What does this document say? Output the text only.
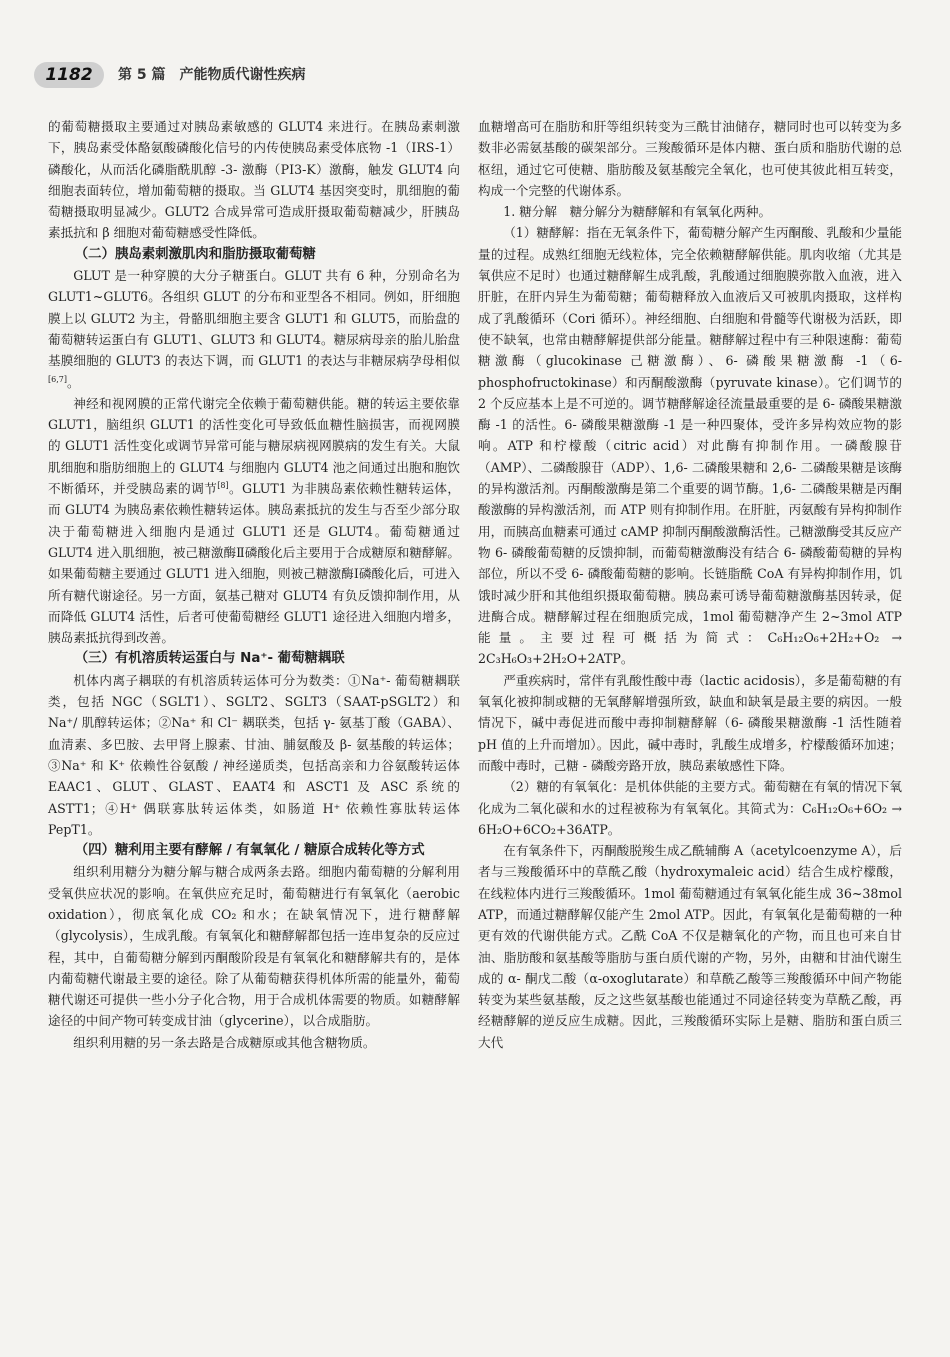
1182	第 5 篇　产能物质代谢性疾病

的葡萄糖摄取主要通过对胰岛素敏感的 GLUT4 来进行。在胰岛素刺激下，胰岛素受体酪氨酸磷酸化信号的内传使胰岛素受体底物 -1（IRS-1）磷酸化，从而活化磷脂酰肌醇 -3- 激酶（PI3-K）激酶，触发 GLUT4 向细胞表面转位，增加葡萄糖的摄取。当 GLUT4 基因突变时，肌细胞的葡萄糖摄取明显减少。GLUT2 合成异常可造成肝摄取葡萄糖减少，肝胰岛素抵抗和 β 细胞对葡萄糖感受性降低。

（二）胰岛素刺激肌肉和脂肪摄取葡萄糖

GLUT 是一种穿膜的大分子糖蛋白。GLUT 共有 6 种，分别命名为 GLUT1~GLUT6。各组织 GLUT 的分布和亚型各不相同。例如，肝细胞膜上以 GLUT2 为主，骨骼肌细胞主要含 GLUT1 和 GLUT5，而胎盘的葡萄糖转运蛋白有 GLUT1、GLUT3 和 GLUT4。糖尿病母亲的胎儿胎盘基膜细胞的 GLUT3 的表达下调，而 GLUT1 的表达与非糖尿病孕母相似[6,7]。

神经和视网膜的正常代谢完全依赖于葡萄糖供能。糖的转运主要依靠 GLUT1，脑组织 GLUT1 的活性变化可导致低血糖性脑损害，而视网膜的 GLUT1 活性变化或调节异常可能与糖尿病视网膜病的发生有关。大鼠肌细胞和脂肪细胞上的 GLUT4 与细胞内 GLUT4 池之间通过出胞和胞饮不断循环，并受胰岛素的调节[8]。GLUT1 为非胰岛素依赖性糖转运体，而 GLUT4 为胰岛素依赖性糖转运体。胰岛素抵抗的发生与否至少部分取决于葡萄糖进入细胞内是通过 GLUT1 还是 GLUT4。葡萄糖通过 GLUT4 进入肌细胞，被己糖激酶Ⅱ磷酸化后主要用于合成糖原和糖酵解。如果葡萄糖主要通过 GLUT1 进入细胞，则被己糖激酶Ⅰ磷酸化后，可进入所有糖代谢途径。另一方面，氨基己糖对 GLUT4 有负反馈抑制作用，从而降低 GLUT4 活性，后者可使葡萄糖经 GLUT1 途径进入细胞内增多，胰岛素抵抗得到改善。

（三）有机溶质转运蛋白与 Na⁺- 葡萄糖耦联

机体内离子耦联的有机溶质转运体可分为数类：①Na⁺- 葡萄糖耦联类，包括 NGC（SGLT1）、SGLT2、SGLT3（SAAT-pSGLT2）和 Na⁺/ 肌醇转运体；②Na⁺ 和 Cl⁻ 耦联类，包括 γ- 氨基丁酸（GABA）、血清素、多巴胺、去甲肾上腺素、甘油、脯氨酸及 β- 氨基酸的转运体；③Na⁺ 和 K⁺ 依赖性谷氨酸 / 神经递质类，包括高亲和力谷氨酸转运体 EAAC1、GLUT、GLAST、EAAT4 和 ASCT1 及 ASC 系统的 ASTT1；④H⁺ 偶联寡肽转运体类，如肠道 H⁺ 依赖性寡肽转运体 PepT1。

（四）糖利用主要有酵解 / 有氧氧化 / 糖原合成转化等方式

组织利用糖分为糖分解与糖合成两条去路。细胞内葡萄糖的分解利用受氧供应状况的影响。在氧供应充足时，葡萄糖进行有氧氧化（aerobic oxidation），彻底氧化成 CO₂ 和水；在缺氧情况下，进行糖酵解（glycolysis），生成乳酸。有氧氧化和糖酵解都包括一连串复杂的反应过程，其中，自葡萄糖分解到丙酮酸阶段是有氧氧化和糖酵解共有的，是体内葡萄糖代谢最主要的途径。除了从葡萄糖获得机体所需的能量外，葡萄糖代谢还可提供一些小分子化合物，用于合成机体需要的物质。如糖酵解途径的中间产物可转变成甘油（glycerine），以合成脂肪。

组织利用糖的另一条去路是合成糖原或其他含糖物质。

血糖增高可在脂肪和肝等组织转变为三酰甘油储存，糖同时也可以转变为多数非必需氨基酸的碳架部分。三羧酸循环是体内糖、蛋白质和脂肪代谢的总枢纽，通过它可使糖、脂肪酸及氨基酸完全氧化，也可使其彼此相互转变，构成一个完整的代谢体系。

1. 糖分解　糖分解分为糖酵解和有氧氧化两种。

（1）糖酵解：指在无氧条件下，葡萄糖分解产生丙酮酸、乳酸和少量能量的过程。成熟红细胞无线粒体，完全依赖糖酵解供能。肌肉收缩（尤其是氧供应不足时）也通过糖酵解生成乳酸，乳酸通过细胞膜弥散入血液，进入肝脏，在肝内异生为葡萄糖；葡萄糖释放入血液后又可被肌肉摄取，这样构成了乳酸循环（Cori 循环）。神经细胞、白细胞和骨髓等代谢极为活跃，即使不缺氧，也常由糖酵解提供部分能量。糖酵解过程中有三种限速酶：葡萄糖激酶（glucokinase 己糖激酶）、6- 磷酸果糖激酶 -1（6-phosphofructokinase）和丙酮酸激酶（pyruvate kinase）。它们调节的 2 个反应基本上是不可逆的。调节糖酵解途径流量最重要的是 6- 磷酸果糖激酶 -1 的活性。6- 磷酸果糖激酶 -1 是一种四聚体，受许多异构效应物的影响。ATP 和柠檬酸（citric acid）对此酶有抑制作用。一磷酸腺苷（AMP）、二磷酸腺苷（ADP）、1,6- 二磷酸果糖和 2,6- 二磷酸果糖是该酶的异构激活剂。丙酮酸激酶是第二个重要的调节酶。1,6- 二磷酸果糖是丙酮酸激酶的异构激活剂，而 ATP 则有抑制作用。在肝脏，丙氨酸有异构抑制作用，而胰高血糖素可通过 cAMP 抑制丙酮酸激酶活性。己糖激酶受其反应产物 6- 磷酸葡萄糖的反馈抑制，而葡萄糖激酶没有结合 6- 磷酸葡萄糖的异构部位，所以不受 6- 磷酸葡萄糖的影响。长链脂酰 CoA 有异构抑制作用，饥饿时减少肝和其他组织摄取葡萄糖。胰岛素可诱导葡萄糖激酶基因转录，促进酶合成。糖酵解过程在细胞质完成，1mol 葡萄糖净产生 2~3mol ATP 能量。主要过程可概括为简式：C₆H₁₂O₆+2H₂+O₂ → 2C₃H₆O₃+2H₂O+2ATP。

严重疾病时，常伴有乳酸性酸中毒（lactic acidosis），多是葡萄糖的有氧氧化被抑制或糖的无氧酵解增强所致，缺血和缺氧是最主要的病因。一般情况下，碱中毒促进而酸中毒抑制糖酵解（6- 磷酸果糖激酶 -1 活性随着 pH 值的上升而增加）。因此，碱中毒时，乳酸生成增多，柠檬酸循环加速；而酸中毒时，己糖 - 磷酸旁路开放，胰岛素敏感性下降。

（2）糖的有氧氧化：是机体供能的主要方式。葡萄糖在有氧的情况下氧化成为二氧化碳和水的过程被称为有氧氧化。其简式为：C₆H₁₂O₆+6O₂ → 6H₂O+6CO₂+36ATP。

在有氧条件下，丙酮酸脱羧生成乙酰辅酶 A（acetylcoenzyme A），后者与三羧酸循环中的草酰乙酸（hydroxymaleic acid）结合生成柠檬酸，在线粒体内进行三羧酸循环。1mol 葡萄糖通过有氧氧化能生成 36~38mol ATP，而通过糖酵解仅能产生 2mol ATP。因此，有氧氧化是葡萄糖的一种更有效的代谢供能方式。乙酰 CoA 不仅是糖氧化的产物，而且也可来自甘油、脂肪酸和氨基酸等脂肪与蛋白质代谢的产物，另外，由糖和甘油代谢生成的 α- 酮戊二酸（α-oxoglutarate）和草酰乙酸等三羧酸循环中间产物能转变为某些氨基酸，反之这些氨基酸也能通过不同途径转变为草酰乙酸，再经糖酵解的逆反应生成糖。因此，三羧酸循环实际上是糖、脂肪和蛋白质三大代
